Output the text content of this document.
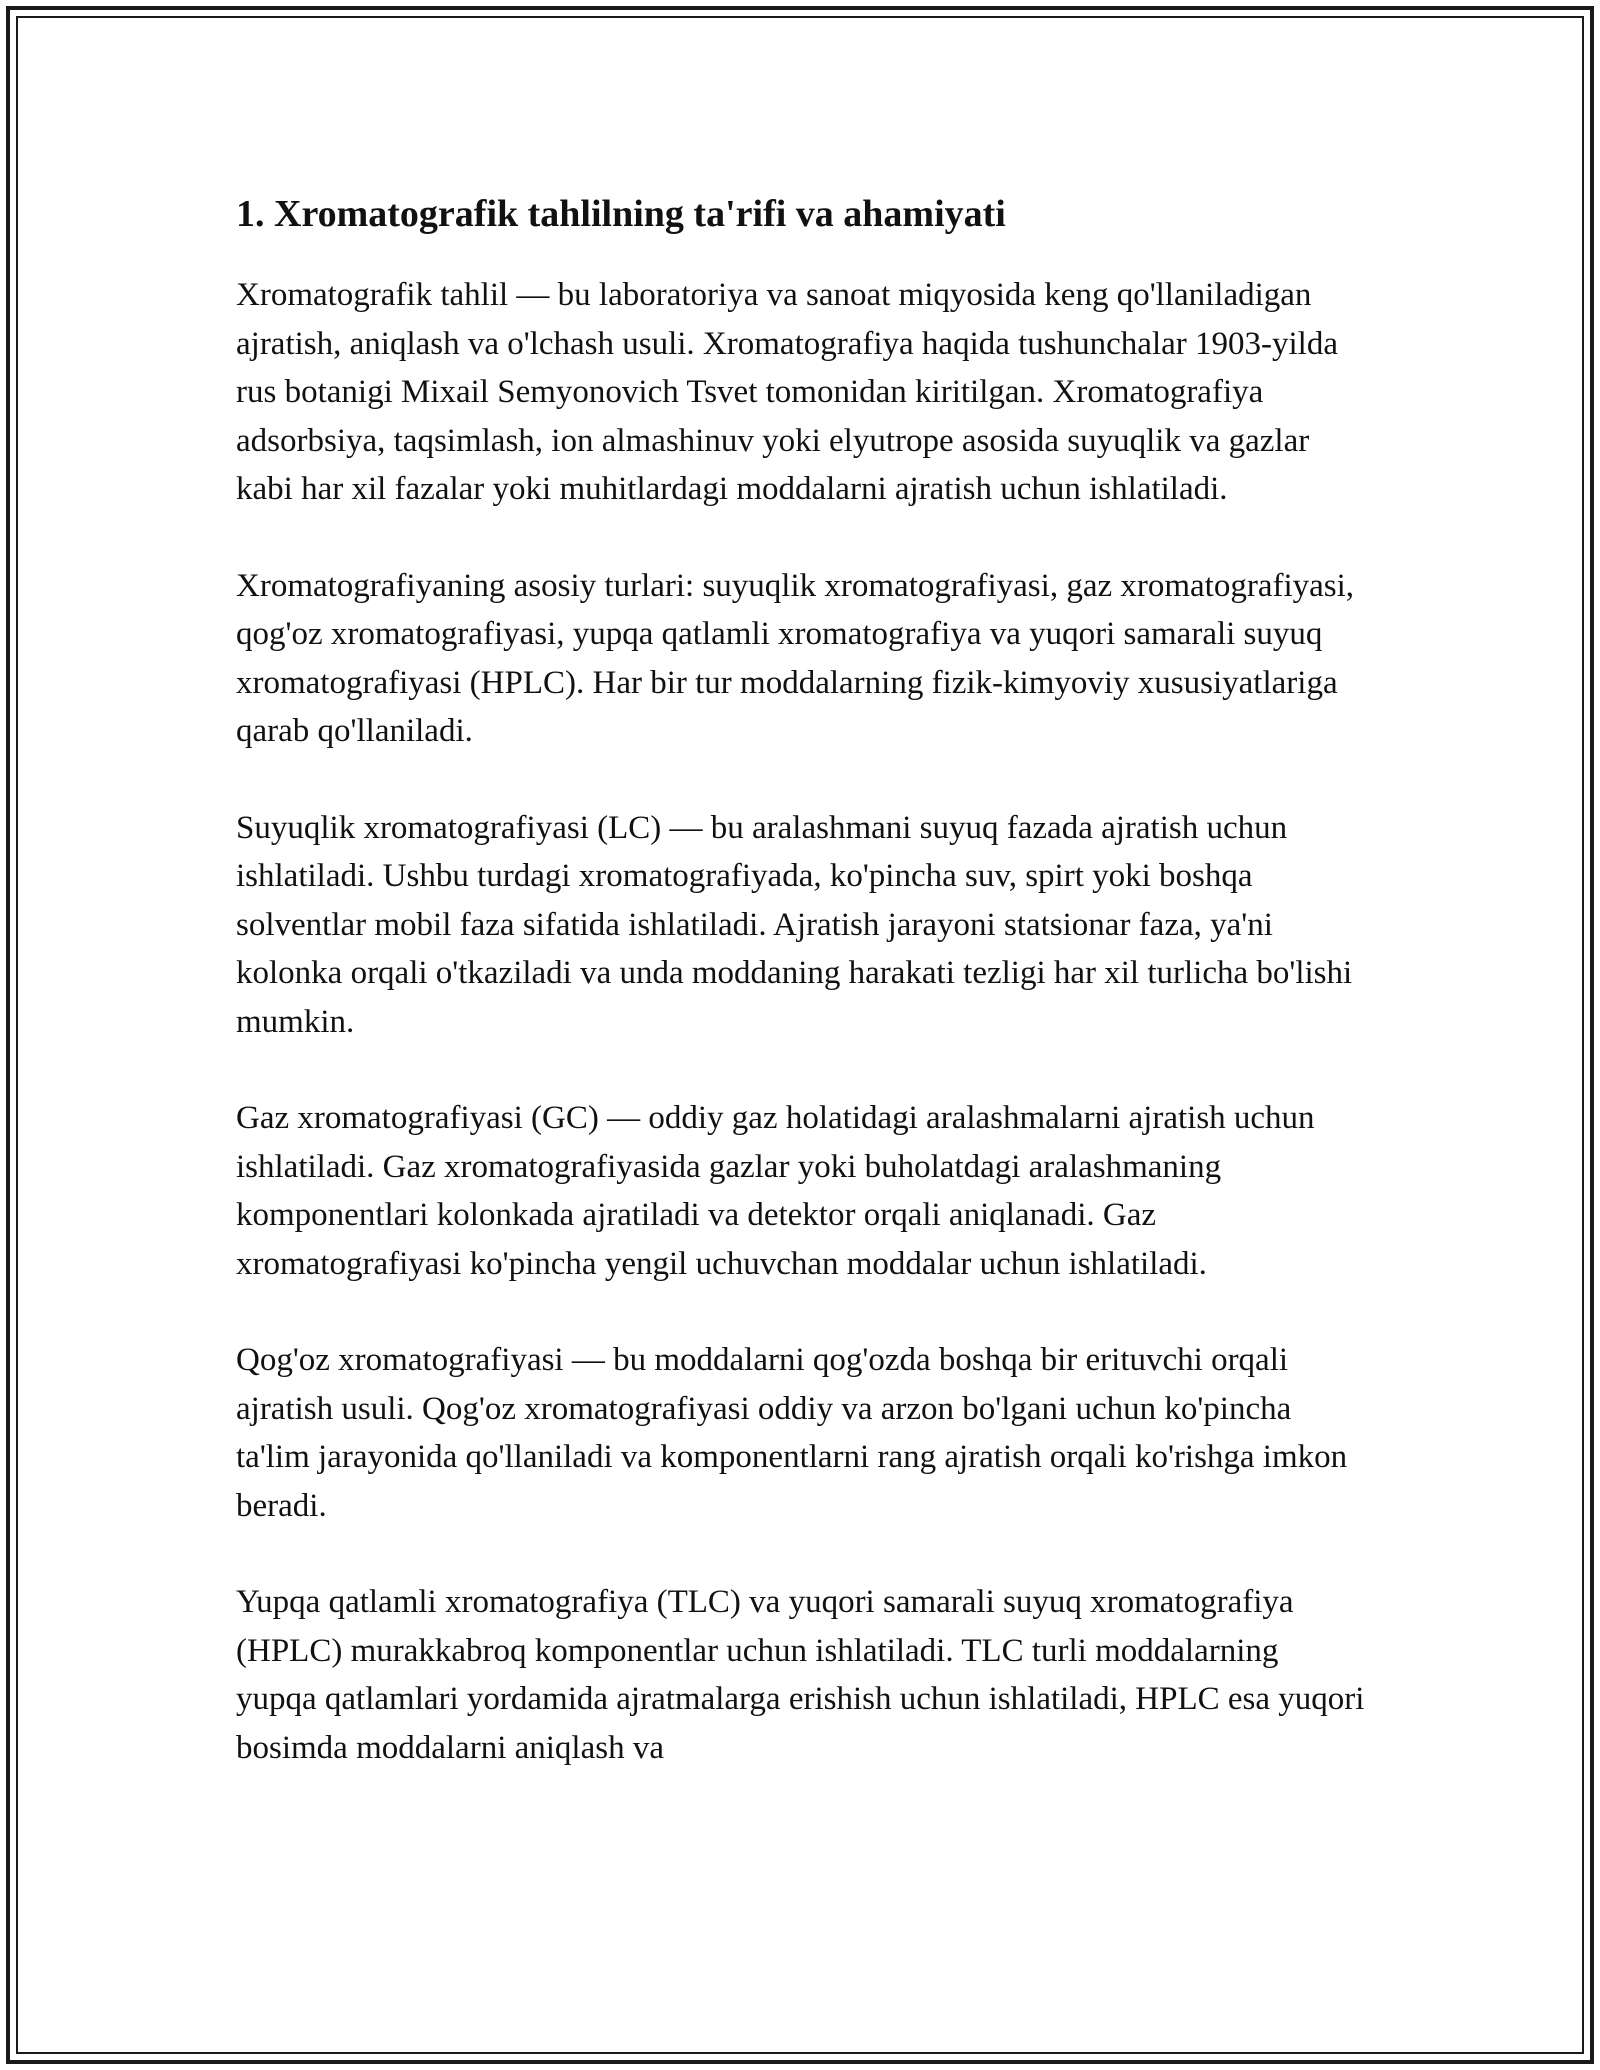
1. Xromatografik tahlilning ta'rifi va ahamiyati

Xromatografik tahlil — bu laboratoriya va sanoat miqyosida keng qo'llaniladigan ajratish, aniqlash va o'lchash usuli. Xromatografiya haqida tushunchalar 1903-yilda rus botanigi Mixail Semyonovich Tsvet tomonidan kiritilgan. Xromatografiya adsorbsiya, taqsimlash, ion almashinuv yoki elyutrope asosida suyuqlik va gazlar kabi har xil fazalar yoki muhitlardagi moddalarni ajratish uchun ishlatiladi.

Xromatografiyaning asosiy turlari: suyuqlik xromatografiyasi, gaz xromatografiyasi, qog'oz xromatografiyasi, yupqa qatlamli xromatografiya va yuqori samarali suyuq xromatografiyasi (HPLC). Har bir tur moddalarning fizik-kimyoviy xususiyatlariga qarab qo'llaniladi.

Suyuqlik xromatografiyasi (LC) — bu aralashmani suyuq fazada ajratish uchun ishlatiladi. Ushbu turdagi xromatografiyada, ko'pincha suv, spirt yoki boshqa solventlar mobil faza sifatida ishlatiladi. Ajratish jarayoni statsionar faza, ya'ni kolonka orqali o'tkaziladi va unda moddaning harakati tezligi har xil turlicha bo'lishi mumkin.

Gaz xromatografiyasi (GC) — oddiy gaz holatidagi aralashmalarni ajratish uchun ishlatiladi. Gaz xromatografiyasida gazlar yoki buholatdagi aralashmaning komponentlari kolonkada ajratiladi va detektor orqali aniqlanadi. Gaz xromatografiyasi ko'pincha yengil uchuvchan moddalar uchun ishlatiladi.

Qog'oz xromatografiyasi — bu moddalarni qog'ozda boshqa bir erituvchi orqali ajratish usuli. Qog'oz xromatografiyasi oddiy va arzon bo'lgani uchun ko'pincha ta'lim jarayonida qo'llaniladi va komponentlarni rang ajratish orqali ko'rishga imkon beradi.

Yupqa qatlamli xromatografiya (TLC) va yuqori samarali suyuq xromatografiya (HPLC) murakkabroq komponentlar uchun ishlatiladi. TLC turli moddalarning yupqa qatlamlari yordamida ajratmalarga erishish uchun ishlatiladi, HPLC esa yuqori bosimda moddalarni aniqlash va
